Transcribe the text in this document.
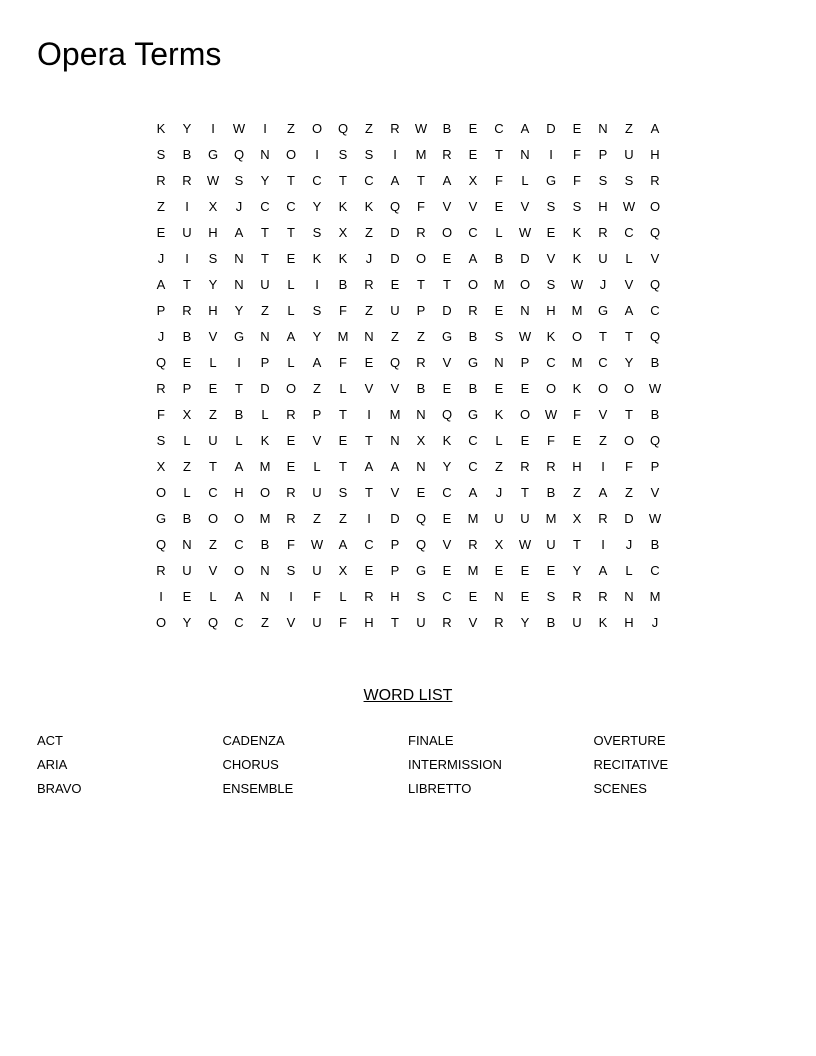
Opera Terms
K	Y	I	W	I	Z	O	Q	Z	R	W	B	E	C	A	D	E	N	Z	A
S	B	G	Q	N	O	I	S	S	I	M	R	E	T	N	I	F	P	U	H
R	R	W	S	Y	T	C	T	C	A	T	A	X	F	L	G	F	S	S	R
Z	I	X	J	C	C	Y	K	K	Q	F	V	V	E	V	S	S	H	W	O
E	U	H	A	T	T	S	X	Z	D	R	O	C	L	W	E	K	R	C	Q
J	I	S	N	T	E	K	K	J	D	O	E	A	B	D	V	K	U	L	V
A	T	Y	N	U	L	I	B	R	E	T	T	O	M	O	S	W	J	V	Q
P	R	H	Y	Z	L	S	F	Z	U	P	D	R	E	N	H	M	G	A	C
J	B	V	G	N	A	Y	M	N	Z	Z	G	B	S	W	K	O	T	T	Q
Q	E	L	I	P	L	A	F	E	Q	R	V	G	N	P	C	M	C	Y	B
R	P	E	T	D	O	Z	L	V	V	B	E	B	E	E	O	K	O	O	W
F	X	Z	B	L	R	P	T	I	M	N	Q	G	K	O	W	F	V	T	B
S	L	U	L	K	E	V	E	T	N	X	K	C	L	E	F	E	Z	O	Q
X	Z	T	A	M	E	L	T	A	A	N	Y	C	Z	R	R	H	I	F	P
O	L	C	H	O	R	U	S	T	V	E	C	A	J	T	B	Z	A	Z	V
G	B	O	O	M	R	Z	Z	I	D	Q	E	M	U	U	M	X	R	D	W
Q	N	Z	C	B	F	W	A	C	P	Q	V	R	X	W	U	T	I	J	B
R	U	V	O	N	S	U	X	E	P	G	E	M	E	E	E	Y	A	L	C
I	E	L	A	N	I	F	L	R	H	S	C	E	N	E	S	R	R	N	M
O	Y	Q	C	Z	V	U	F	H	T	U	R	V	R	Y	B	U	K	H	J
WORD LIST
ACT	CADENZA	FINALE	OVERTURE
ARIA	CHORUS	INTERMISSION	RECITATIVE
BRAVO	ENSEMBLE	LIBRETTO	SCENES
